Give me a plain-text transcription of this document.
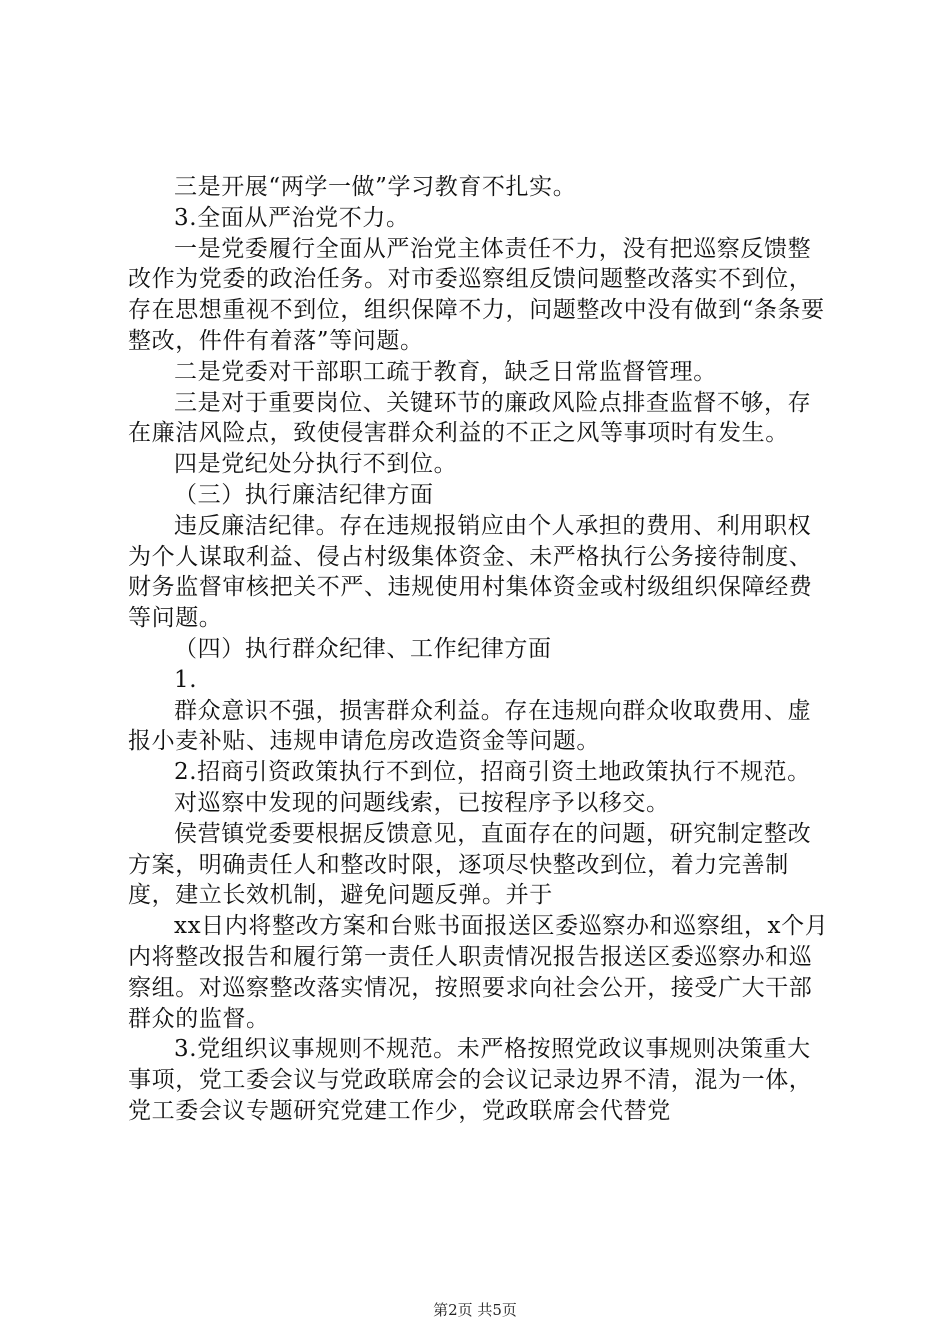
三是开展“两学一做”学习教育不扎实。

3.全面从严治党不力。

一是党委履行全面从严治党主体责任不力，没有把巡察反馈整改作为党委的政治任务。对市委巡察组反馈问题整改落实不到位，存在思想重视不到位，组织保障不力，问题整改中没有做到“条条要整改，件件有着落”等问题。

二是党委对干部职工疏于教育，缺乏日常监督管理。

三是对于重要岗位、关键环节的廉政风险点排查监督不够，存在廉洁风险点，致使侵害群众利益的不正之风等事项时有发生。

四是党纪处分执行不到位。

（三）执行廉洁纪律方面

违反廉洁纪律。存在违规报销应由个人承担的费用、利用职权为个人谋取利益、侵占村级集体资金、未严格执行公务接待制度、财务监督审核把关不严、违规使用村集体资金或村级组织保障经费等问题。

（四）执行群众纪律、工作纪律方面

1.

群众意识不强，损害群众利益。存在违规向群众收取费用、虚报小麦补贴、违规申请危房改造资金等问题。

2.招商引资政策执行不到位，招商引资土地政策执行不规范。

对巡察中发现的问题线索，已按程序予以移交。

侯营镇党委要根据反馈意见，直面存在的问题，研究制定整改方案，明确责任人和整改时限，逐项尽快整改到位，着力完善制度，建立长效机制，避免问题反弹。并于

xx日内将整改方案和台账书面报送区委巡察办和巡察组，x个月内将整改报告和履行第一责任人职责情况报告报送区委巡察办和巡察组。对巡察整改落实情况，按照要求向社会公开，接受广大干部群众的监督。

3.党组织议事规则不规范。未严格按照党政议事规则决策重大事项，党工委会议与党政联席会的会议记录边界不清，混为一体，党工委会议专题研究党建工作少，党政联席会代替党

第2页 共5页
